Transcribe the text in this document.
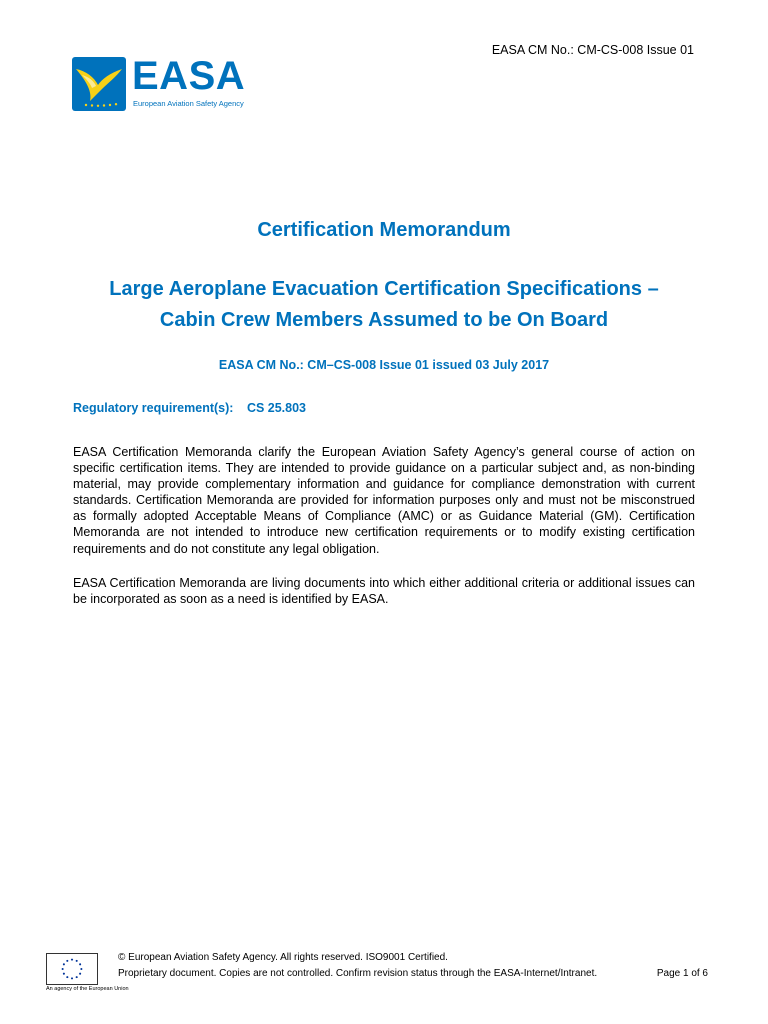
EASA CM No.: CM-CS-008 Issue 01
EASA
European Aviation Safety Agency
Certification Memorandum
Large Aeroplane Evacuation Certification Specifications –
Cabin Crew Members Assumed to be On Board
EASA CM No.: CM–CS-008 Issue 01 issued 03 July 2017
Regulatory requirement(s): CS 25.803

EASA Certification Memoranda clarify the European Aviation Safety Agency’s general course of action on specific certification items. They are intended to provide guidance on a particular subject and, as non-binding material, may provide complementary information and guidance for compliance demonstration with current standards. Certification Memoranda are provided for information purposes only and must not be misconstrued as formally adopted Acceptable Means of Compliance (AMC) or as Guidance Material (GM). Certification Memoranda are not intended to introduce new certification requirements or to modify existing certification requirements and do not constitute any legal obligation.

EASA Certification Memoranda are living documents into which either additional criteria or additional issues can be incorporated as soon as a need is identified by EASA.

An agency of the European Union
© European Aviation Safety Agency. All rights reserved. ISO9001 Certified.
Proprietary document. Copies are not controlled. Confirm revision status through the EASA-Internet/Intranet.	Page 1 of 6
